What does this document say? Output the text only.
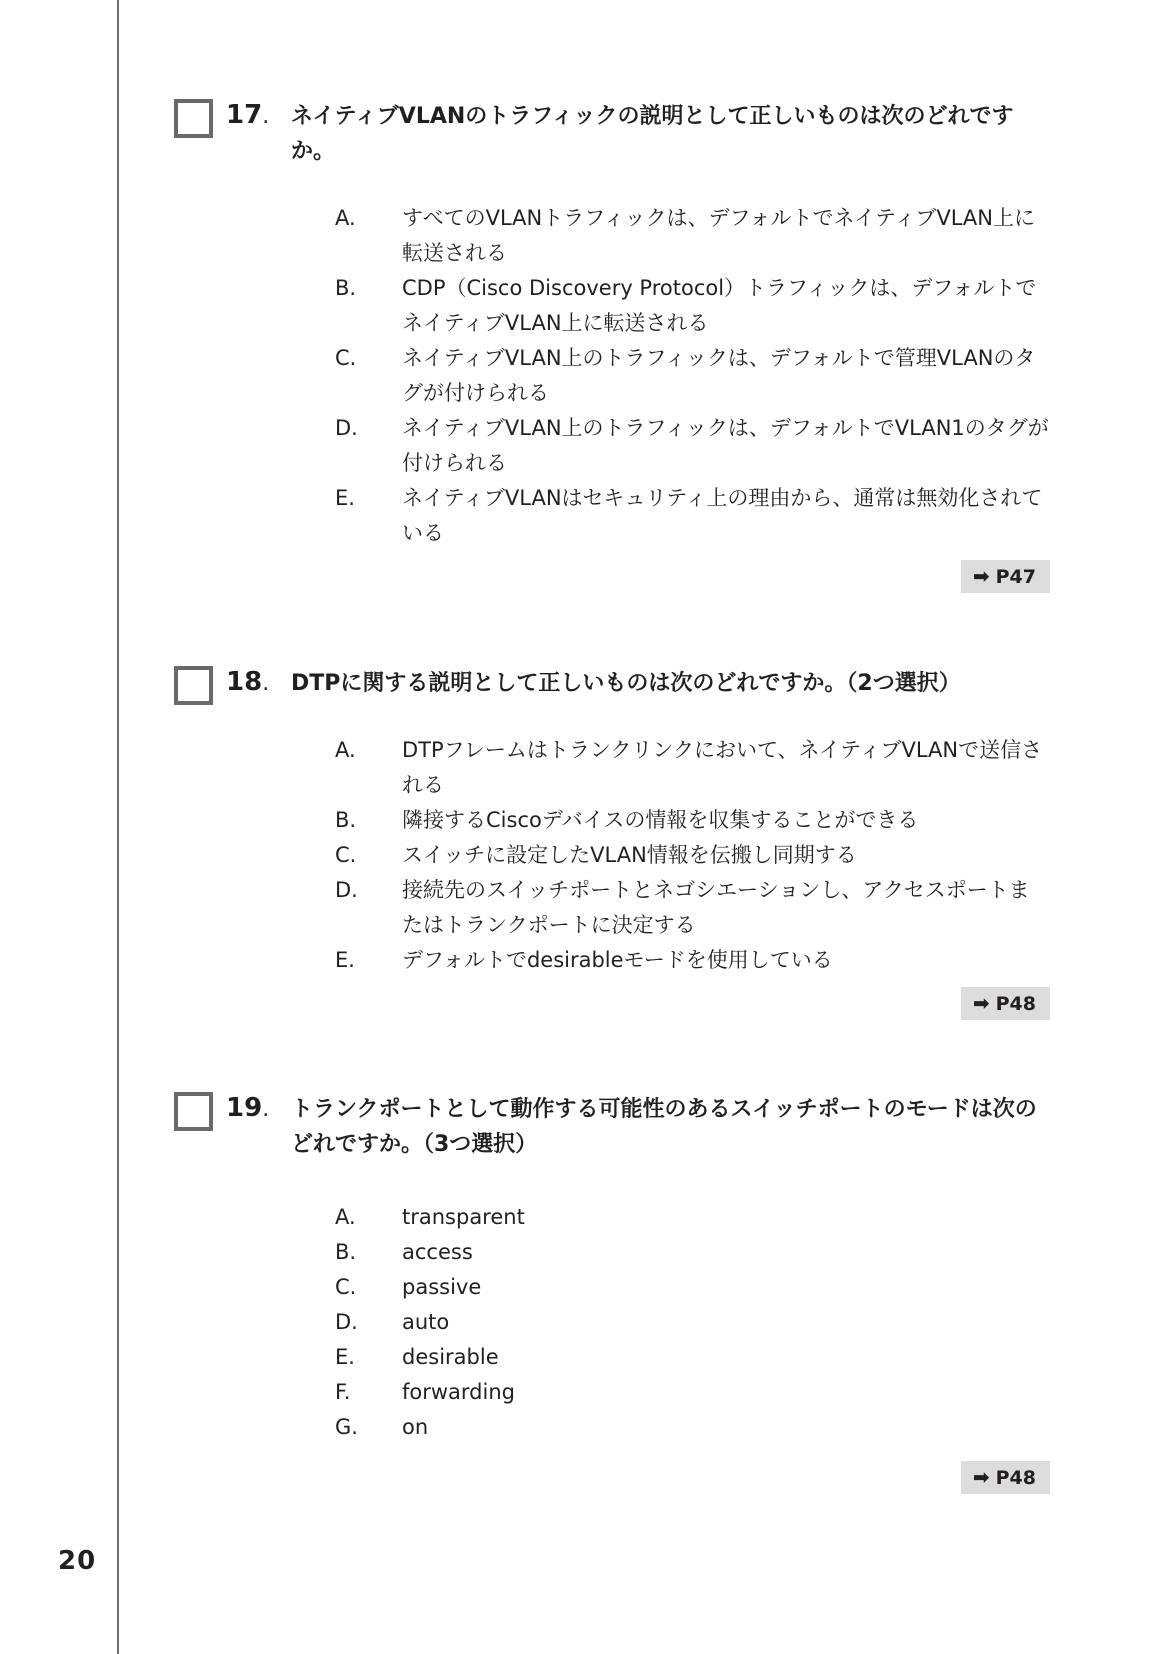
20
17. ネイティブVLANのトラフィックの説明として正しいものは次のどれですか。
A.	すべてのVLANトラフィックは、デフォルトでネイティブVLAN上に転送される
B.	CDP（Cisco Discovery Protocol）トラフィックは、デフォルトでネイティブVLAN上に転送される
C.	ネイティブVLAN上のトラフィックは、デフォルトで管理VLANのタグが付けられる
D.	ネイティブVLAN上のトラフィックは、デフォルトでVLAN1のタグが付けられる
E.	ネイティブVLANはセキュリティ上の理由から、通常は無効化されている
➡ P47
18. DTPに関する説明として正しいものは次のどれですか。（2つ選択）
A.	DTPフレームはトランクリンクにおいて、ネイティブVLANで送信される
B.	隣接するCiscoデバイスの情報を収集することができる
C.	スイッチに設定したVLAN情報を伝搬し同期する
D.	接続先のスイッチポートとネゴシエーションし、アクセスポートまたはトランクポートに決定する
E.	デフォルトでdesirableモードを使用している
➡ P48
19. トランクポートとして動作する可能性のあるスイッチポートのモードは次のどれですか。（3つ選択）
A.	transparent
B.	access
C.	passive
D.	auto
E.	desirable
F.	forwarding
G.	on
➡ P48
